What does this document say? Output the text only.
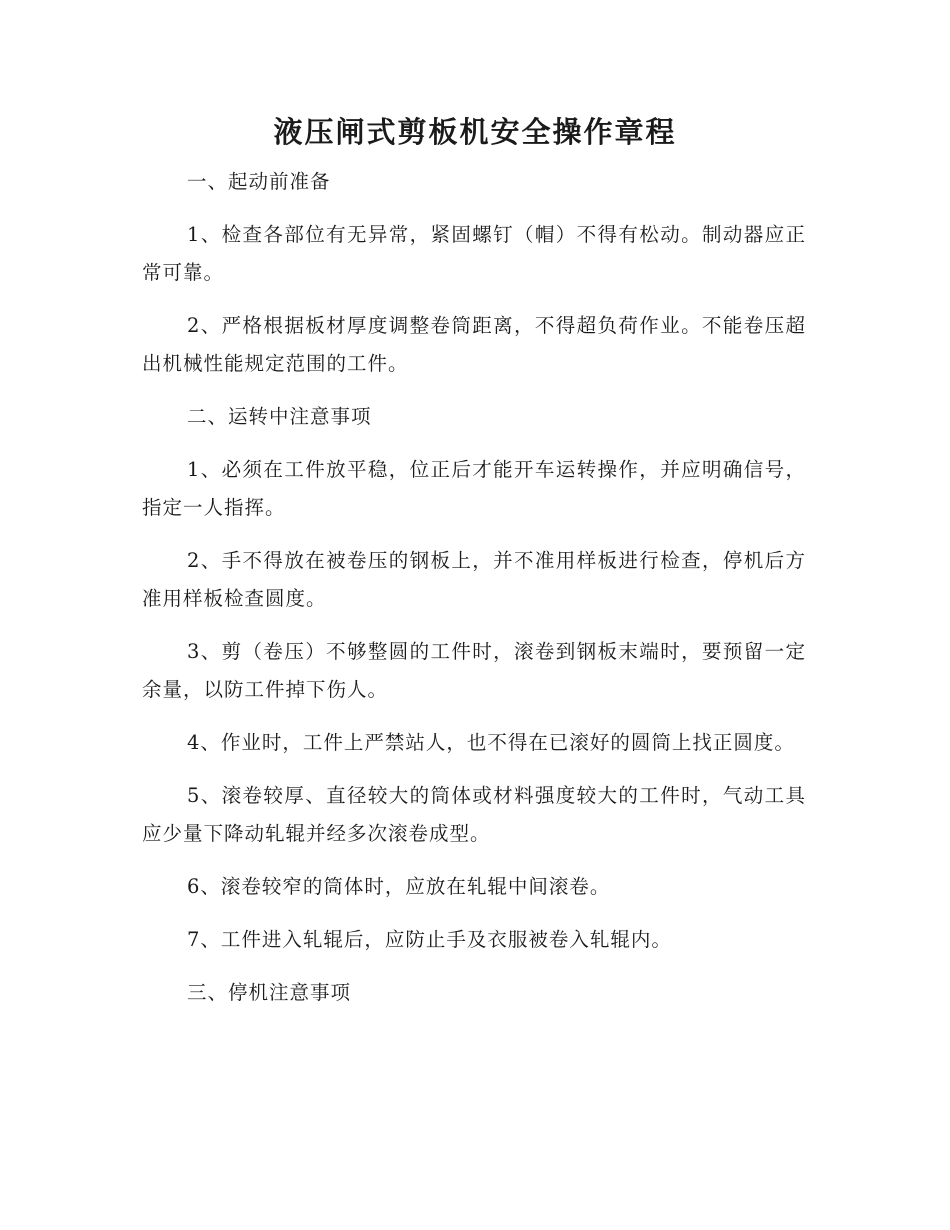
液压闸式剪板机安全操作章程
一、起动前准备
1、检查各部位有无异常，紧固螺钉（帽）不得有松动。制动器应正常可靠。
2、严格根据板材厚度调整卷筒距离，不得超负荷作业。不能卷压超出机械性能规定范围的工件。
二、运转中注意事项
1、必须在工件放平稳，位正后才能开车运转操作，并应明确信号，指定一人指挥。
2、手不得放在被卷压的钢板上，并不准用样板进行检查，停机后方准用样板检查圆度。
3、剪（卷压）不够整圆的工件时，滚卷到钢板末端时，要预留一定余量，以防工件掉下伤人。
4、作业时，工件上严禁站人，也不得在已滚好的圆筒上找正圆度。
5、滚卷较厚、直径较大的筒体或材料强度较大的工件时，气动工具应少量下降动轧辊并经多次滚卷成型。
6、滚卷较窄的筒体时，应放在轧辊中间滚卷。
7、工件进入轧辊后，应防止手及衣服被卷入轧辊内。
三、停机注意事项
